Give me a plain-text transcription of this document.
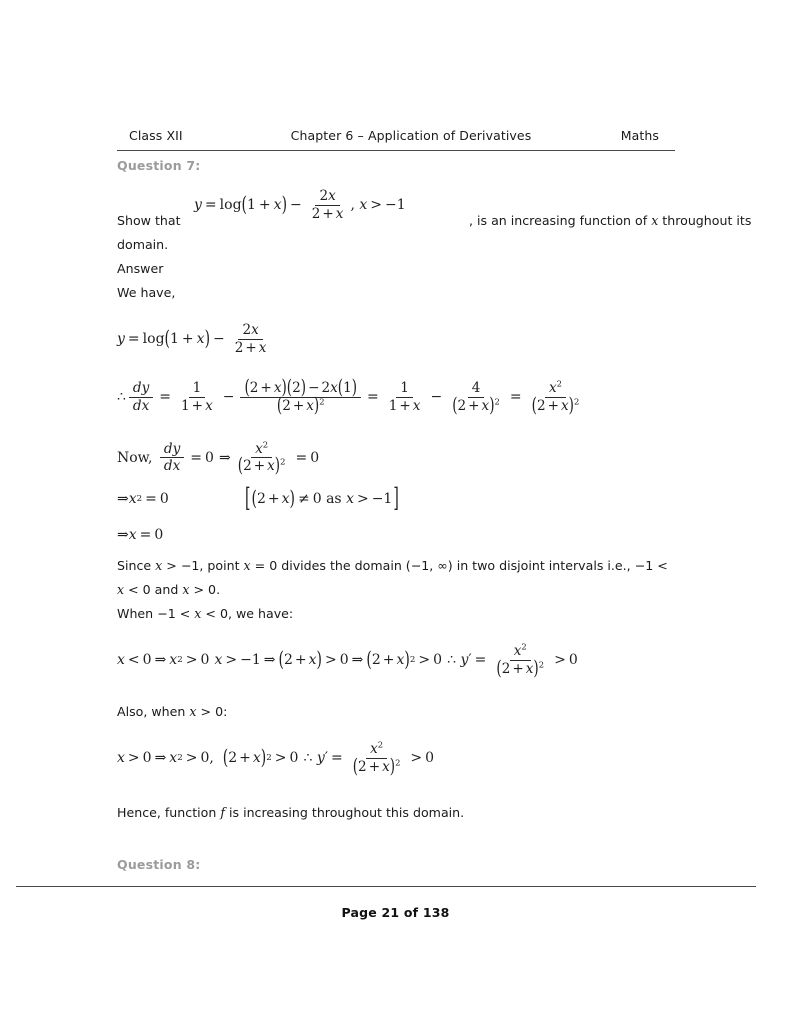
Class XII	Chapter 6 – Application of Derivatives	Maths

Question 7:

Show that
y = log ( 1 + x ) − $\frac{2x}{2 + x}$ ,
x > −1
, is an increasing function of x throughout its

domain.

Answer

We have,

y = log ( 1 + x ) − $\frac{2x}{2 + x}$

∴ $\frac{dy}{dx} = \frac{1}{1 + x} - \frac{(2 + x)(2) - 2x(1)}{(2 + x)^2} = \frac{1}{1 + x} - \frac{4}{(2 + x)^2} = \frac{x^2}{(2 + x)^2}$

Now,
$\frac{dy}{dx} = 0$
⇒ $\frac{x^2}{(2 + x)^2} = 0$
⇒ x 2 = 0	[ ( 2 + x ) ≠ 0
as
x > −1 ]
⇒ x = 0

Since x > −1, point x = 0 divides the domain (−1, ∞) in two disjoint intervals i.e., −1 <

x < 0 and x > 0.

When −1 < x < 0, we have:

x < 0 ⇒ x 2 > 0
x > −1 ⇒ ( 2 + x ) > 0 ⇒ ( 2 + x ) 2 > 0
∴
y ′ = $\frac{x^2}{(2 + x)^2} > 0$

Also, when x > 0:

x > 0 ⇒ x 2 > 0,
( 2 + x ) 2 > 0
∴
y ′ = $\frac{x^2}{(2 + x)^2} > 0$

Hence, function f is increasing throughout this domain.

Question 8:

Page 21 of 138
